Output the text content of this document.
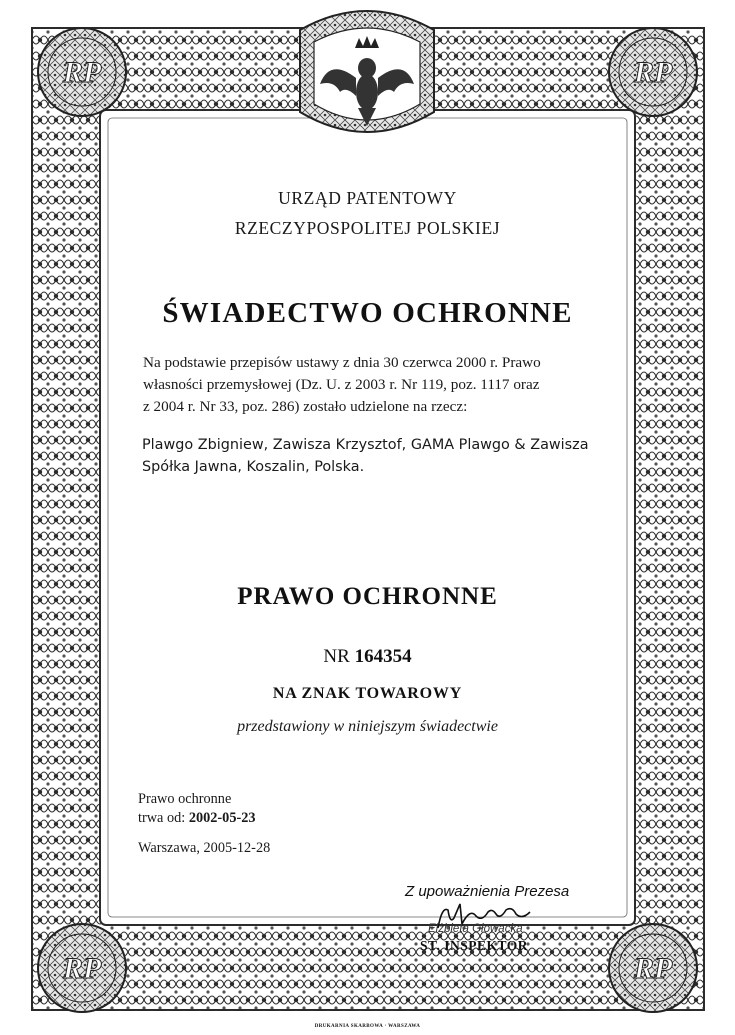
RP	RP
RP	RP
URZĄD PATENTOWY
RZECZYPOSPOLITEJ POLSKIEJ
ŚWIADECTWO OCHRONNE
Na podstawie przepisów ustawy z dnia 30 czerwca 2000 r. Prawo
własności przemysłowej (Dz. U. z 2003 r. Nr 119, poz. 1117 oraz
z 2004 r. Nr 33, poz. 286) zostało udzielone na rzecz:
Plawgo Zbigniew, Zawisza Krzysztof, GAMA Plawgo & Zawisza
Spółka Jawna, Koszalin, Polska.
PRAWO OCHRONNE
NR 164354
NA ZNAK TOWAROWY
przedstawiony w niniejszym świadectwie
Prawo ochronne
trwa od: 2002-05-23
Warszawa, 2005-12-28
Z upoważnienia Prezesa
Elżbieta Głowacka
ST. INSPEKTOR
DRUKARNIA SKARBOWA · WARSZAWA
